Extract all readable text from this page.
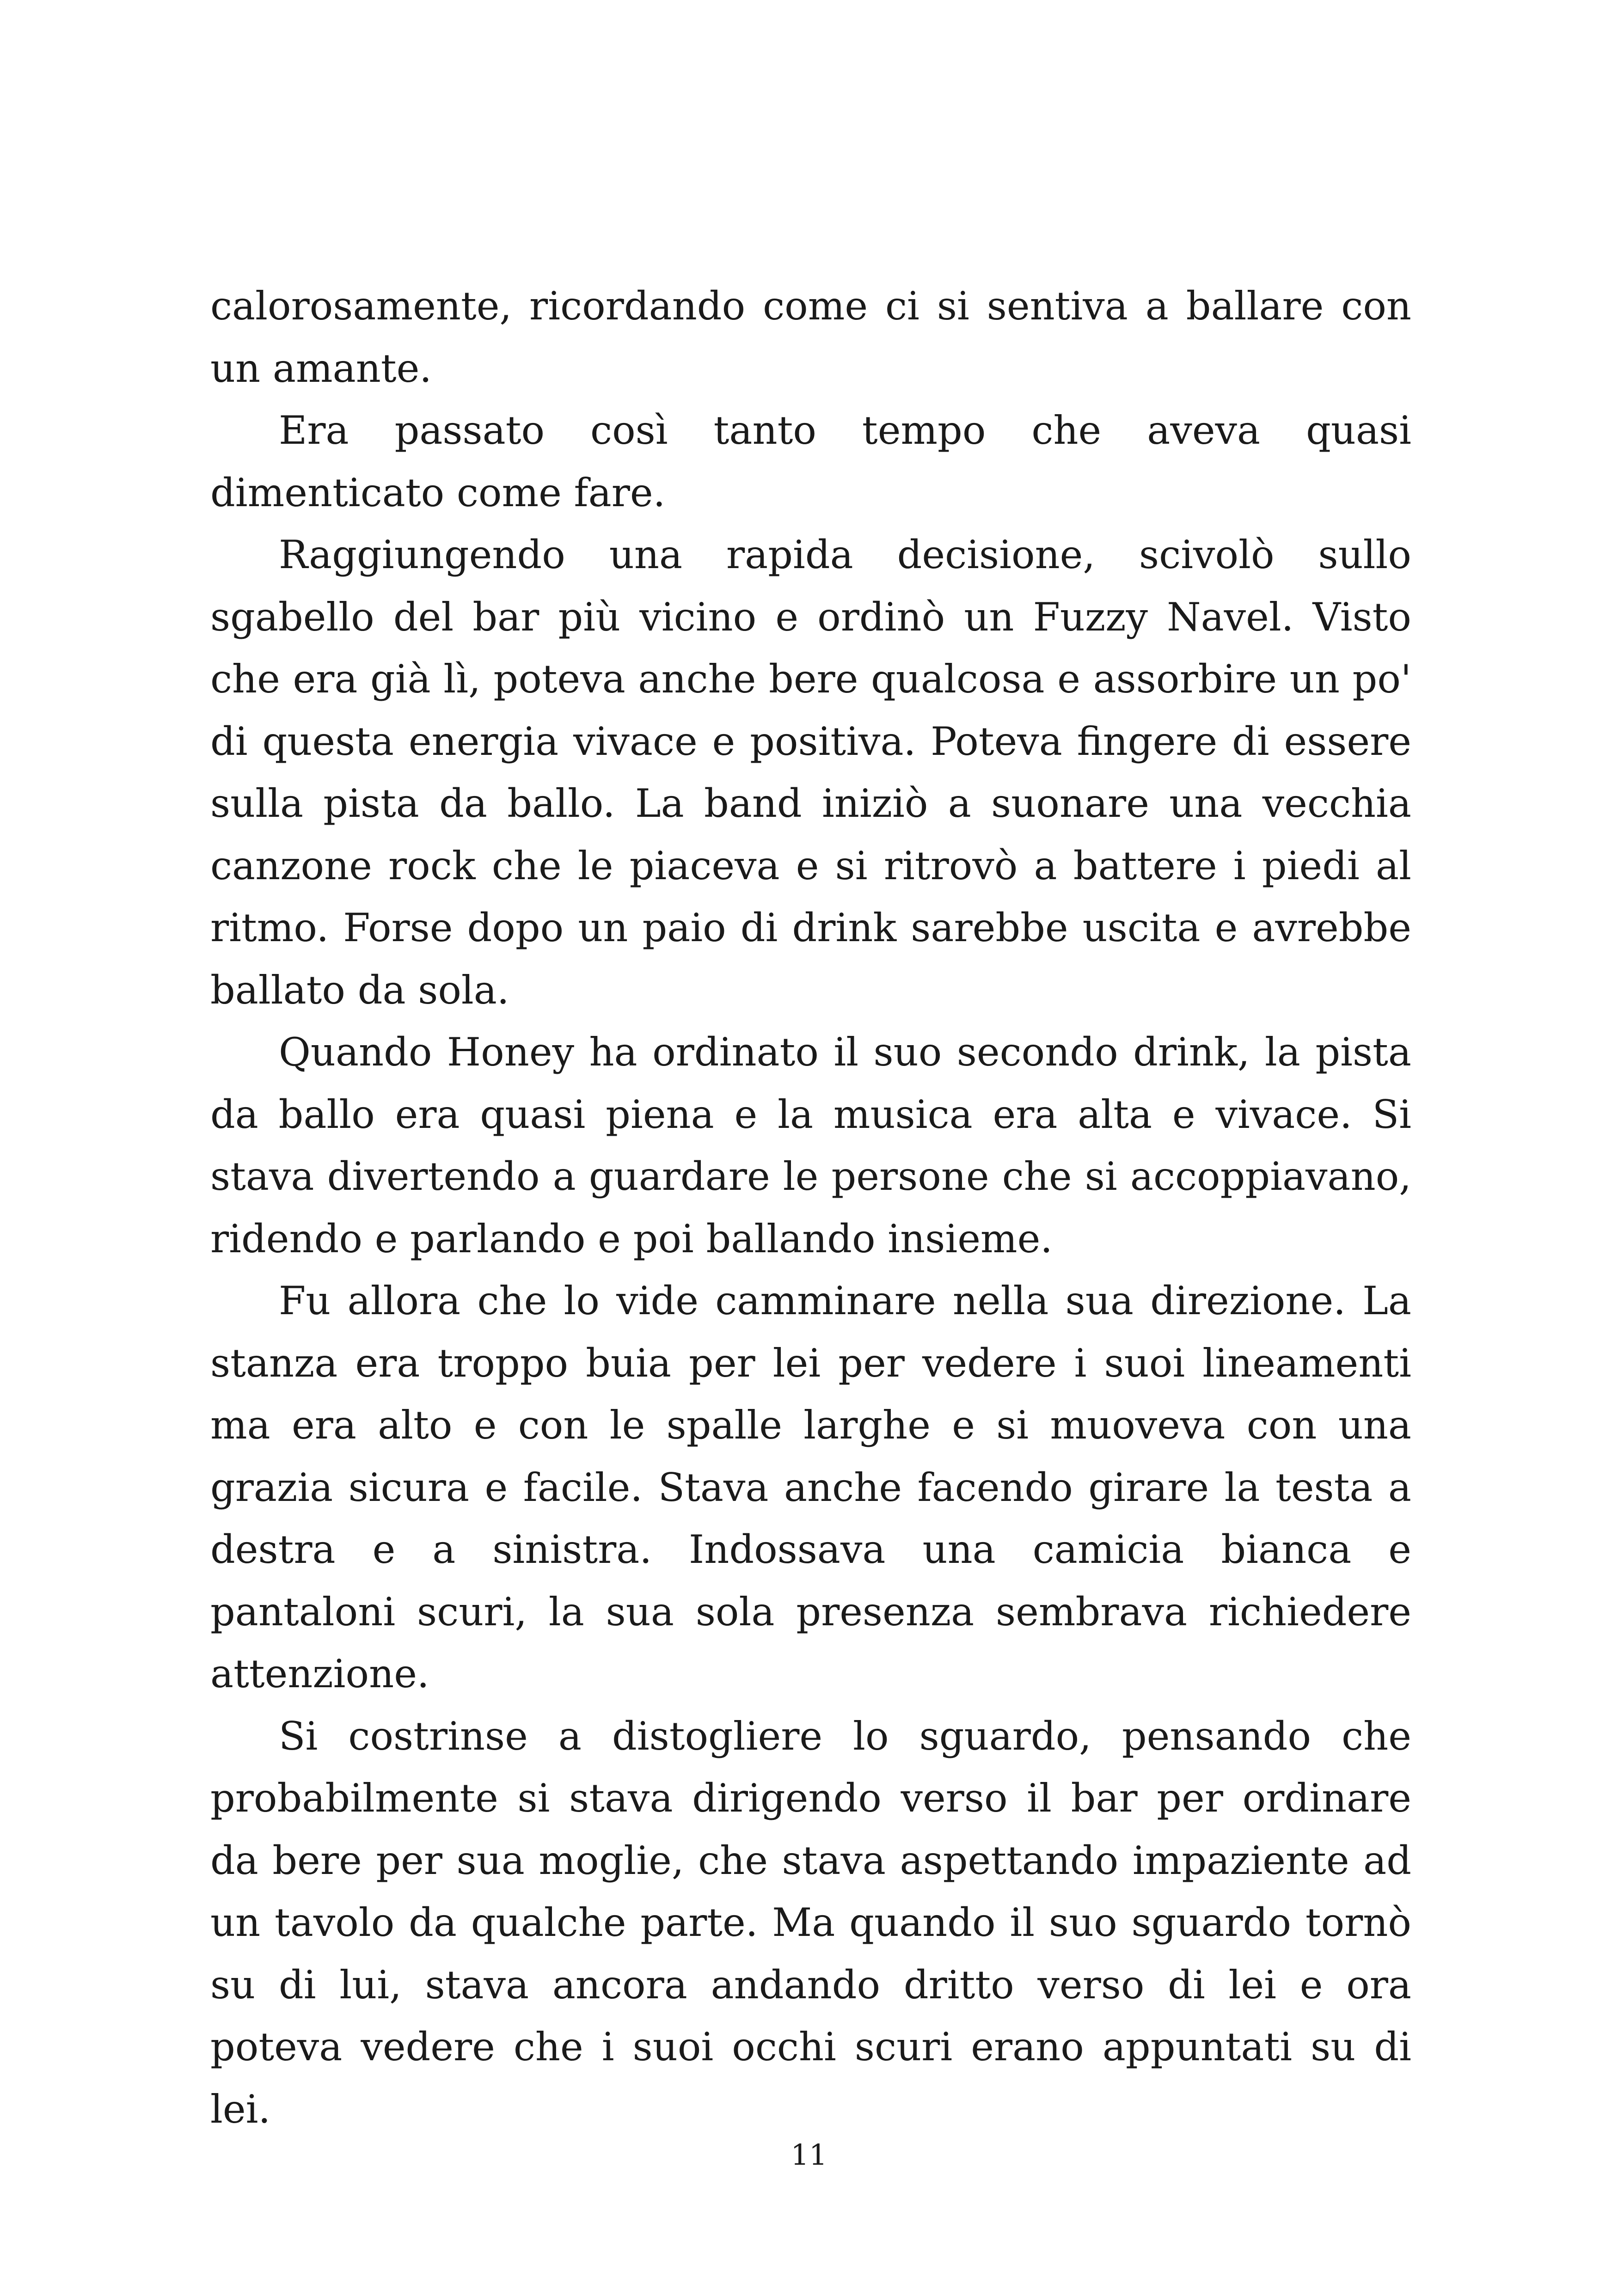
calorosamente, ricordando come ci si sentiva a ballare con un amante.

Era passato così tanto tempo che aveva quasi dimenticato come fare.

Raggiungendo una rapida decisione, scivolò sullo sgabello del bar più vicino e ordinò un Fuzzy Navel. Visto che era già lì, poteva anche bere qualcosa e assorbire un po' di questa energia vivace e positiva. Poteva fingere di essere sulla pista da ballo. La band iniziò a suonare una vecchia canzone rock che le piaceva e si ritrovò a battere i piedi al ritmo. Forse dopo un paio di drink sarebbe uscita e avrebbe ballato da sola.

Quando Honey ha ordinato il suo secondo drink, la pista da ballo era quasi piena e la musica era alta e vivace. Si stava divertendo a guardare le persone che si accoppiavano, ridendo e parlando e poi ballando insieme.

Fu allora che lo vide camminare nella sua direzione. La stanza era troppo buia per lei per vedere i suoi lineamenti ma era alto e con le spalle larghe e si muoveva con una grazia sicura e facile. Stava anche facendo girare la testa a destra e a sinistra. Indossava una camicia bianca e pantaloni scuri, la sua sola presenza sembrava richiedere attenzione.

Si costrinse a distogliere lo sguardo, pensando che probabilmente si stava dirigendo verso il bar per ordinare da bere per sua moglie, che stava aspettando impaziente ad un tavolo da qualche parte. Ma quando il suo sguardo tornò su di lui, stava ancora andando dritto verso di lei e ora poteva vedere che i suoi occhi scuri erano appuntati su di lei.

11
